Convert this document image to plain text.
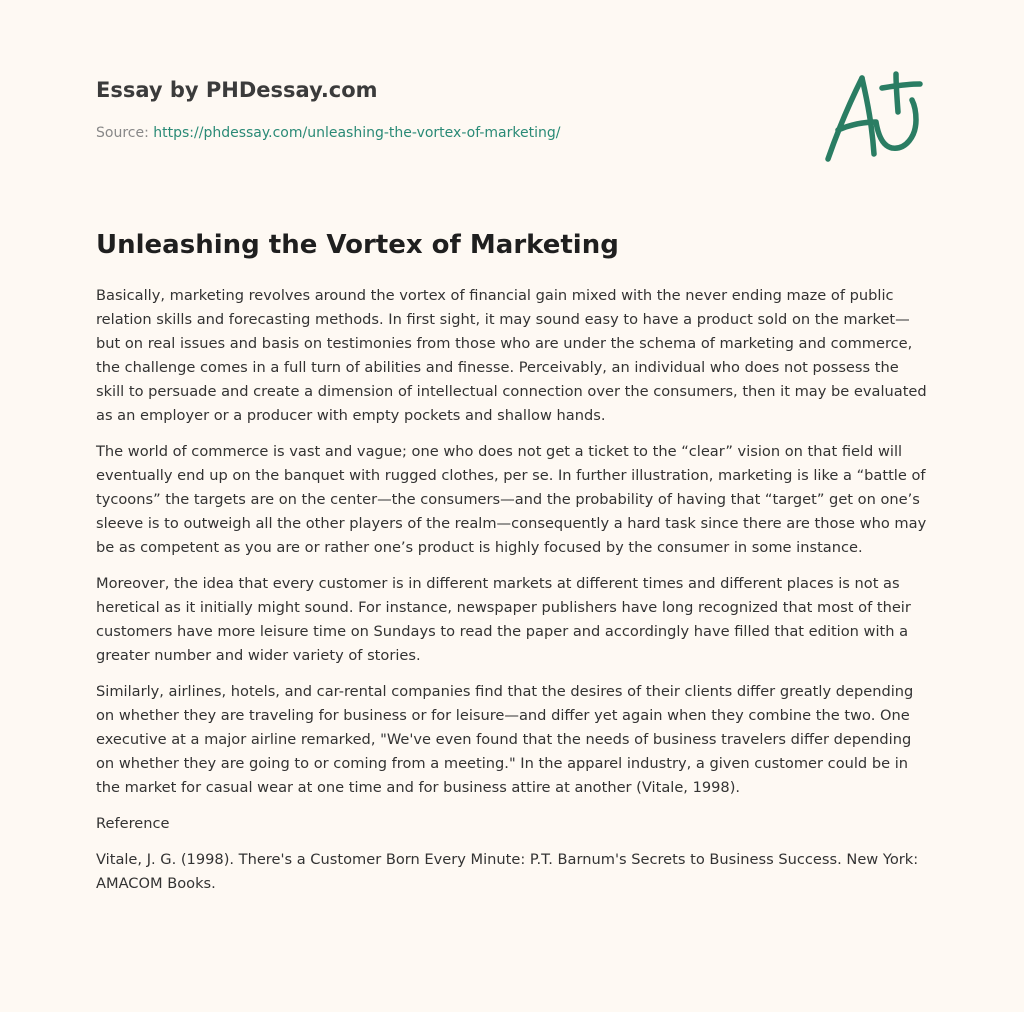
Essay by PHDessay.com
Source: https://phdessay.com/unleashing-the-vortex-of-marketing/
Unleashing the Vortex of Marketing

Basically, marketing revolves around the vortex of financial gain mixed with the never ending maze of public relation skills and forecasting methods. In first sight, it may sound easy to have a product sold on the market—but on real issues and basis on testimonies from those who are under the schema of marketing and commerce, the challenge comes in a full turn of abilities and finesse. Perceivably, an individual who does not possess the skill to persuade and create a dimension of intellectual connection over the consumers, then it may be evaluated as an employer or a producer with empty pockets and shallow hands.

The world of commerce is vast and vague; one who does not get a ticket to the “clear” vision on that field will eventually end up on the banquet with rugged clothes, per se. In further illustration, marketing is like a “battle of tycoons” the targets are on the center—the consumers—and the probability of having that “target” get on one’s sleeve is to outweigh all the other players of the realm—consequently a hard task since there are those who may be as competent as you are or rather one’s product is highly focused by the consumer in some instance.

Moreover, the idea that every customer is in different markets at different times and different places is not as heretical as it initially might sound. For instance, newspaper publishers have long recognized that most of their customers have more leisure time on Sundays to read the paper and accordingly have filled that edition with a greater number and wider variety of stories.

Similarly, airlines, hotels, and car-rental companies find that the desires of their clients differ greatly depending on whether they are traveling for business or for leisure—and differ yet again when they combine the two. One executive at a major airline remarked, "We've even found that the needs of business travelers differ depending on whether they are going to or coming from a meeting." In the apparel industry, a given customer could be in the market for casual wear at one time and for business attire at another (Vitale, 1998).

Reference

Vitale, J. G. (1998). There's a Customer Born Every Minute: P.T. Barnum's Secrets to Business Success. New York: AMACOM Books.
